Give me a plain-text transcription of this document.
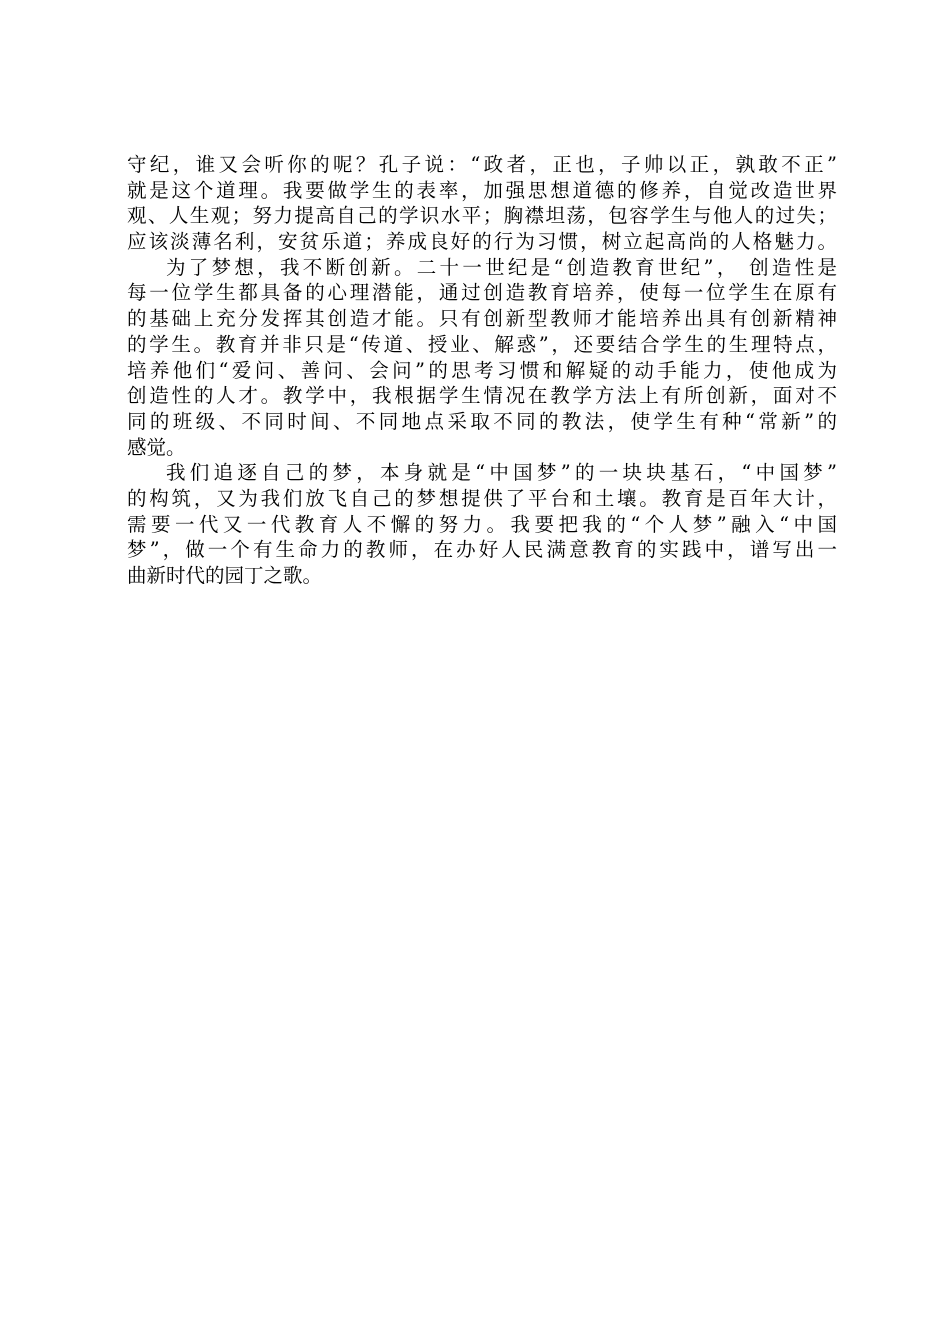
守纪，谁又会听你的呢？孔子说：“政者，正也，子帅以正，孰敢不正”
就是这个道理。我要做学生的表率，加强思想道德的修养，自觉改造世界
观、人生观；努力提高自己的学识水平；胸襟坦荡，包容学生与他人的过失；
应该淡薄名利，安贫乐道；养成良好的行为习惯，树立起高尚的人格魅力。
为了梦想，我不断创新。二十一世纪是“创造教育世纪”， 创造性是
每一位学生都具备的心理潜能，通过创造教育培养，使每一位学生在原有
的基础上充分发挥其创造才能。只有创新型教师才能培养出具有创新精神
的学生。教育并非只是“传道、授业、解惑”，还要结合学生的生理特点，
培养他们“爱问、善问、会问”的思考习惯和解疑的动手能力，使他成为
创造性的人才。教学中，我根据学生情况在教学方法上有所创新，面对不
同的班级、不同时间、不同地点采取不同的教法，使学生有种“常新”的
感觉。
我们追逐自己的梦，本身就是“中国梦”的一块块基石，“中国梦”
的构筑，又为我们放飞自己的梦想提供了平台和土壤。教育是百年大计，
需要一代又一代教育人不懈的努力。我要把我的“个人梦”融入“中国
梦”，做一个有生命力的教师，在办好人民满意教育的实践中，谱写出一
曲新时代的园丁之歌。
